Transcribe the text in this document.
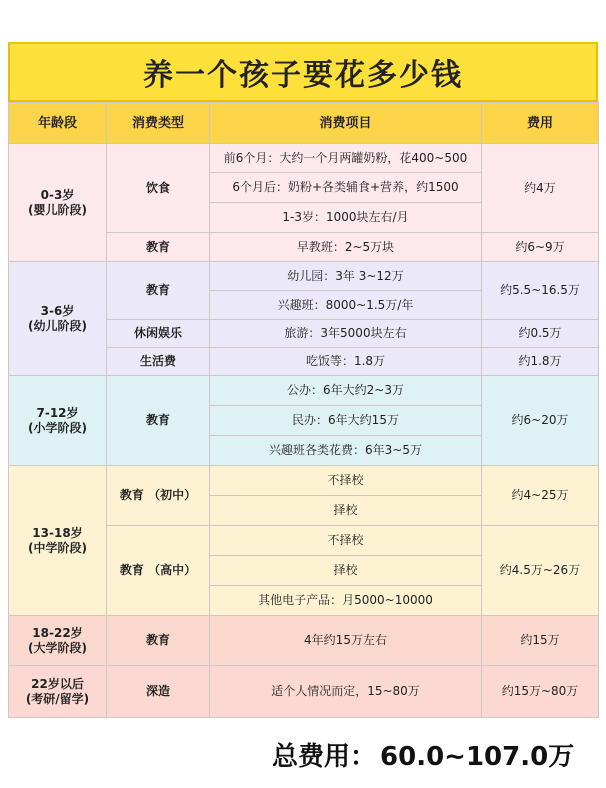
养一个孩子要花多少钱
年龄段	消费类型	消费项目	费用

0-3岁
(婴儿阶段)	饮食	前6个月：大约一个月两罐奶粉，花400~500	约4万
		6个月后：奶粉+各类辅食+营养，约1500	
		1-3岁：1000块左右/月	
	教育	早教班：2~5万块	约6~9万

3-6岁
(幼儿阶段)	教育	幼儿园：3年 3~12万	约5.5~16.5万
		兴趣班：8000~1.5万/年	
	休闲娱乐	旅游：3年5000块左右	约0.5万
	生活费	吃饭等：1.8万	约1.8万

7-12岁
(小学阶段)	教育	公办：6年大约2~3万	约6~20万
		民办：6年大约15万	
		兴趣班各类花费：6年3~5万	

13-18岁
(中学阶段)	教育 （初中）	不择校	约4~25万
		择校	
	教育 （高中）	不择校	约4.5万~26万
		择校	
		其他电子产品：月5000~10000	

18-22岁
(大学阶段)	教育	4年约15万左右	约15万

22岁以后
(考研/留学)	深造	适个人情况而定，15~80万	约15万~80万
总费用： 60.0~107.0万
